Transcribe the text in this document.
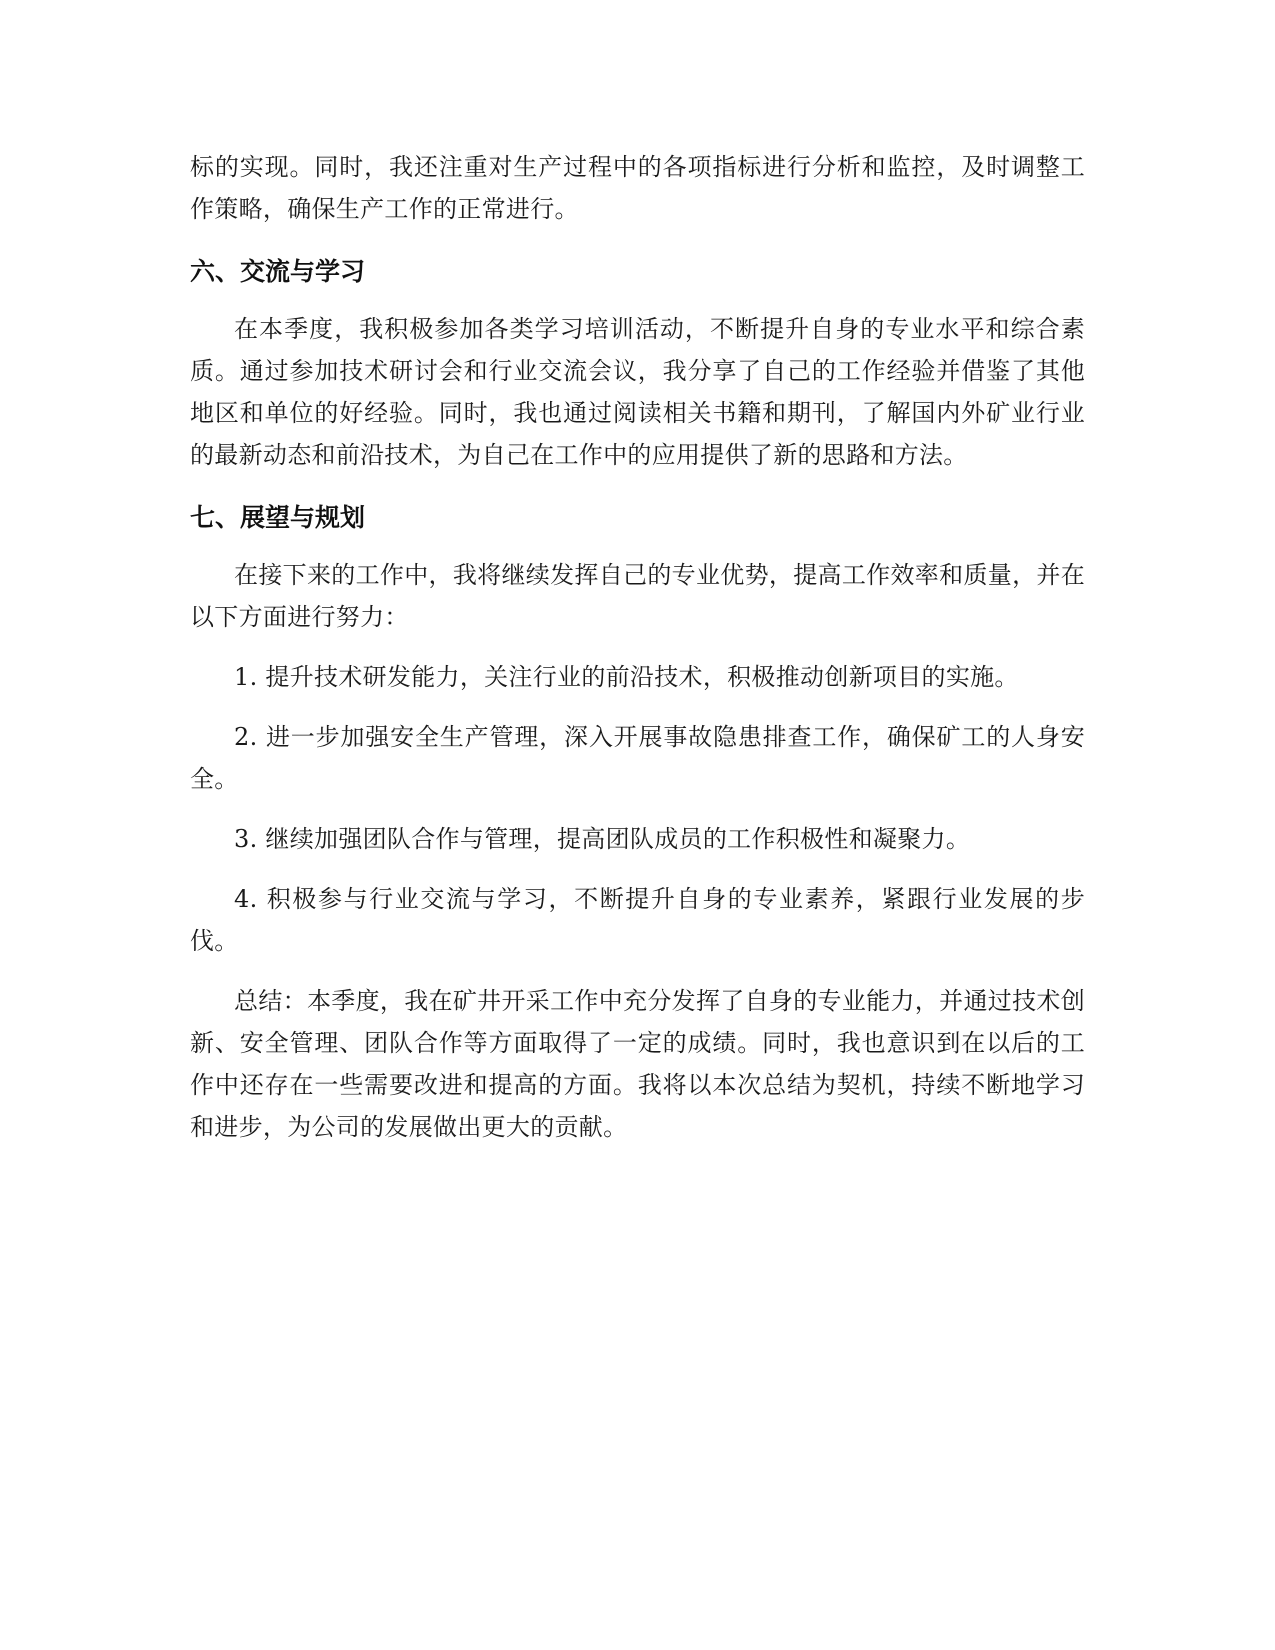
标的实现。同时，我还注重对生产过程中的各项指标进行分析和监控，及时调整工作策略，确保生产工作的正常进行。

六、交流与学习

在本季度，我积极参加各类学习培训活动，不断提升自身的专业水平和综合素质。通过参加技术研讨会和行业交流会议，我分享了自己的工作经验并借鉴了其他地区和单位的好经验。同时，我也通过阅读相关书籍和期刊，了解国内外矿业行业的最新动态和前沿技术，为自己在工作中的应用提供了新的思路和方法。

七、展望与规划

在接下来的工作中，我将继续发挥自己的专业优势，提高工作效率和质量，并在以下方面进行努力：

1. 提升技术研发能力，关注行业的前沿技术，积极推动创新项目的实施。

2. 进一步加强安全生产管理，深入开展事故隐患排查工作，确保矿工的人身安全。

3. 继续加强团队合作与管理，提高团队成员的工作积极性和凝聚力。

4. 积极参与行业交流与学习，不断提升自身的专业素养，紧跟行业发展的步伐。

总结：本季度，我在矿井开采工作中充分发挥了自身的专业能力，并通过技术创新、安全管理、团队合作等方面取得了一定的成绩。同时，我也意识到在以后的工作中还存在一些需要改进和提高的方面。我将以本次总结为契机，持续不断地学习和进步，为公司的发展做出更大的贡献。
